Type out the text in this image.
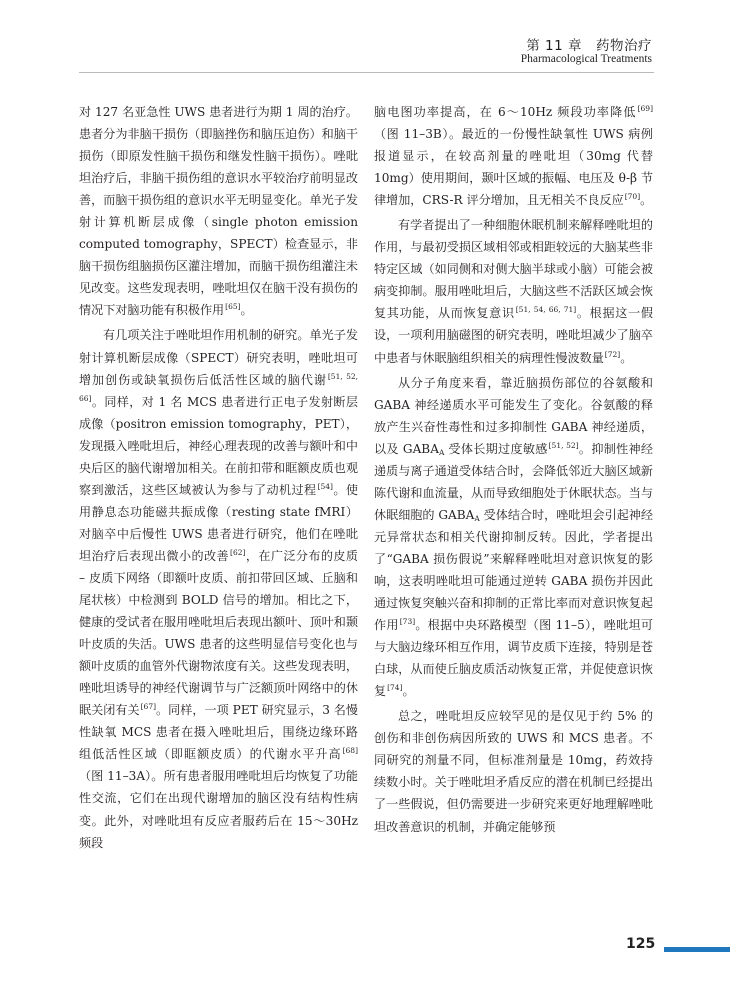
第 11 章　药物治疗
Pharmacological Treatments

对 127 名亚急性 UWS 患者进行为期 1 周的治疗。患者分为非脑干损伤（即脑挫伤和脑压迫伤）和脑干损伤（即原发性脑干损伤和继发性脑干损伤）。唑吡坦治疗后，非脑干损伤组的意识水平较治疗前明显改善，而脑干损伤组的意识水平无明显变化。单光子发射计算机断层成像（single photon emission computed tomography，SPECT）检查显示，非脑干损伤组脑损伤区灌注增加，而脑干损伤组灌注未见改变。这些发现表明，唑吡坦仅在脑干没有损伤的情况下对脑功能有积极作用[65]。

有几项关注于唑吡坦作用机制的研究。单光子发射计算机断层成像（SPECT）研究表明，唑吡坦可增加创伤或缺氧损伤后低活性区域的脑代谢[51, 52, 66]。同样，对 1 名 MCS 患者进行正电子发射断层成像（positron emission tomography，PET），发现摄入唑吡坦后，神经心理表现的改善与额叶和中央后区的脑代谢增加相关。在前扣带和眶额皮质也观察到激活，这些区域被认为参与了动机过程[54]。使用静息态功能磁共振成像（resting state fMRI）对脑卒中后慢性 UWS 患者进行研究，他们在唑吡坦治疗后表现出微小的改善[62]，在广泛分布的皮质 – 皮质下网络（即额叶皮质、前扣带回区域、丘脑和尾状核）中检测到 BOLD 信号的增加。相比之下，健康的受试者在服用唑吡坦后表现出额叶、顶叶和颞叶皮质的失活。UWS 患者的这些明显信号变化也与额叶皮质的血管外代谢物浓度有关。这些发现表明，唑吡坦诱导的神经代谢调节与广泛额顶叶网络中的休眠关闭有关[67]。同样，一项 PET 研究显示，3 名慢性缺氧 MCS 患者在摄入唑吡坦后，围绕边缘环路组低活性区域（即眶额皮质）的代谢水平升高[68]（图 11–3A）。所有患者服用唑吡坦后均恢复了功能性交流，它们在出现代谢增加的脑区没有结构性病变。此外，对唑吡坦有反应者服药后在 15～30Hz 频段

脑电图功率提高，在 6～10Hz 频段功率降低[69]（图 11–3B）。最近的一份慢性缺氧性 UWS 病例报道显示，在较高剂量的唑吡坦（30mg 代替 10mg）使用期间，颞叶区域的振幅、电压及 θ-β 节律增加，CRS-R 评分增加，且无相关不良反应[70]。

有学者提出了一种细胞休眠机制来解释唑吡坦的作用，与最初受损区域相邻或相距较远的大脑某些非特定区域（如同侧和对侧大脑半球或小脑）可能会被病变抑制。服用唑吡坦后，大脑这些不活跃区域会恢复其功能，从而恢复意识[51, 54, 66, 71]。根据这一假设，一项利用脑磁图的研究表明，唑吡坦减少了脑卒中患者与休眠脑组织相关的病理性慢波数量[72]。

从分子角度来看，靠近脑损伤部位的谷氨酸和 GABA 神经递质水平可能发生了变化。谷氨酸的释放产生兴奋性毒性和过多抑制性 GABA 神经递质，以及 $GABA_A$ 受体长期过度敏感[51, 52]。抑制性神经递质与离子通道受体结合时，会降低邻近大脑区域新陈代谢和血流量，从而导致细胞处于休眠状态。当与休眠细胞的 $GABA_A$ 受体结合时，唑吡坦会引起神经元异常状态和相关代谢抑制反转。因此，学者提出了“GABA 损伤假说”来解释唑吡坦对意识恢复的影响，这表明唑吡坦可能通过逆转 GABA 损伤并因此通过恢复突触兴奋和抑制的正常比率而对意识恢复起作用[73]。根据中央环路模型（图 11–5），唑吡坦可与大脑边缘环相互作用，调节皮质下连接，特别是苍白球，从而使丘脑皮质活动恢复正常，并促使意识恢复[74]。

总之，唑吡坦反应较罕见的是仅见于约 5% 的创伤和非创伤病因所致的 UWS 和 MCS 患者。不同研究的剂量不同，但标准剂量是 10mg，药效持续数小时。关于唑吡坦矛盾反应的潜在机制已经提出了一些假说，但仍需要进一步研究来更好地理解唑吡坦改善意识的机制，并确定能够预

125
